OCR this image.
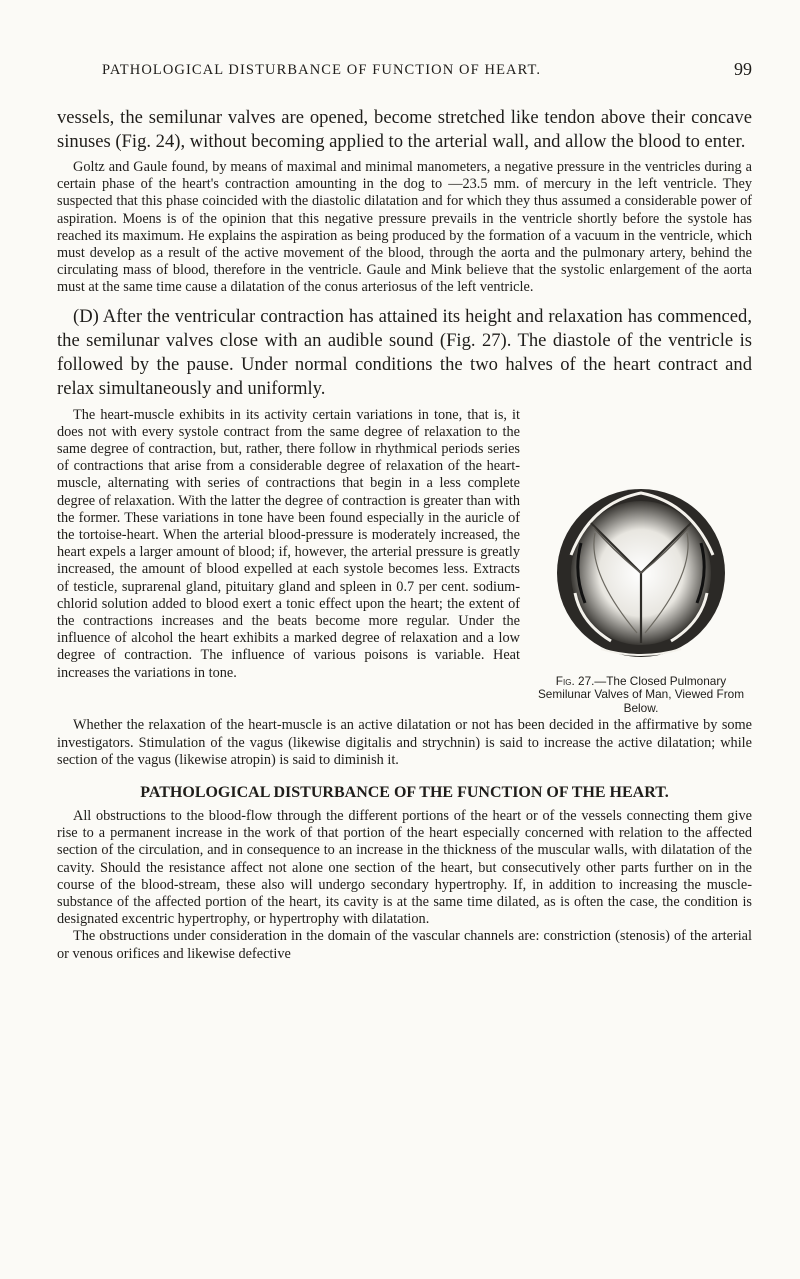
PATHOLOGICAL DISTURBANCE OF FUNCTION OF HEART.	99

vessels, the semilunar valves are opened, become stretched like tendon above their concave sinuses (Fig. 24), without becoming applied to the arterial wall, and allow the blood to enter.

Goltz and Gaule found, by means of maximal and minimal manometers, a negative pressure in the ventricles during a certain phase of the heart's contraction amounting in the dog to —23.5 mm. of mercury in the left ventricle. They suspected that this phase coincided with the diastolic dilatation and for which they thus assumed a considerable power of aspiration. Moens is of the opinion that this negative pressure prevails in the ventricle shortly before the systole has reached its maximum. He explains the aspiration as being produced by the formation of a vacuum in the ventricle, which must develop as a result of the active movement of the blood, through the aorta and the pulmonary artery, behind the circulating mass of blood, therefore in the ventricle. Gaule and Mink believe that the systolic enlargement of the aorta must at the same time cause a dilatation of the conus arteriosus of the left ventricle.

(D) After the ventricular contraction has attained its height and relaxation has commenced, the semilunar valves close with an audible sound (Fig. 27). The diastole of the ventricle is followed by the pause. Under normal conditions the two halves of the heart contract and relax simultaneously and uniformly.

Fig. 27.—The Closed Pulmonary Semilunar Valves of Man, Viewed From Below.

The heart-muscle exhibits in its activity certain variations in tone, that is, it does not with every systole contract from the same degree of relaxation to the same degree of contraction, but, rather, there follow in rhythmical periods series of contractions that arise from a considerable degree of relaxation of the heart-muscle, alternating with series of contractions that begin in a less complete degree of relaxation. With the latter the degree of contraction is greater than with the former. These variations in tone have been found especially in the auricle of the tortoise-heart. When the arterial blood-pressure is moderately increased, the heart expels a larger amount of blood; if, however, the arterial pressure is greatly increased, the amount of blood expelled at each systole becomes less. Extracts of testicle, suprarenal gland, pituitary gland and spleen in 0.7 per cent. sodium-chlorid solution added to blood exert a tonic effect upon the heart; the extent of the contractions increases and the beats become more regular. Under the influence of alcohol the heart exhibits a marked degree of relaxation and a low degree of contraction. The influence of various poisons is variable. Heat increases the variations in tone.

Whether the relaxation of the heart-muscle is an active dilatation or not has been decided in the affirmative by some investigators. Stimulation of the vagus (likewise digitalis and strychnin) is said to increase the active dilatation; while section of the vagus (likewise atropin) is said to diminish it.

PATHOLOGICAL DISTURBANCE OF THE FUNCTION OF THE HEART.

All obstructions to the blood-flow through the different portions of the heart or of the vessels connecting them give rise to a permanent increase in the work of that portion of the heart especially concerned with relation to the affected section of the circulation, and in consequence to an increase in the thickness of the muscular walls, with dilatation of the cavity. Should the resistance affect not alone one section of the heart, but consecutively other parts further on in the course of the blood-stream, these also will undergo secondary hypertrophy. If, in addition to increasing the muscle-substance of the affected portion of the heart, its cavity is at the same time dilated, as is often the case, the condition is designated excentric hypertrophy, or hypertrophy with dilatation.

The obstructions under consideration in the domain of the vascular channels are: constriction (stenosis) of the arterial or venous orifices and likewise defective
